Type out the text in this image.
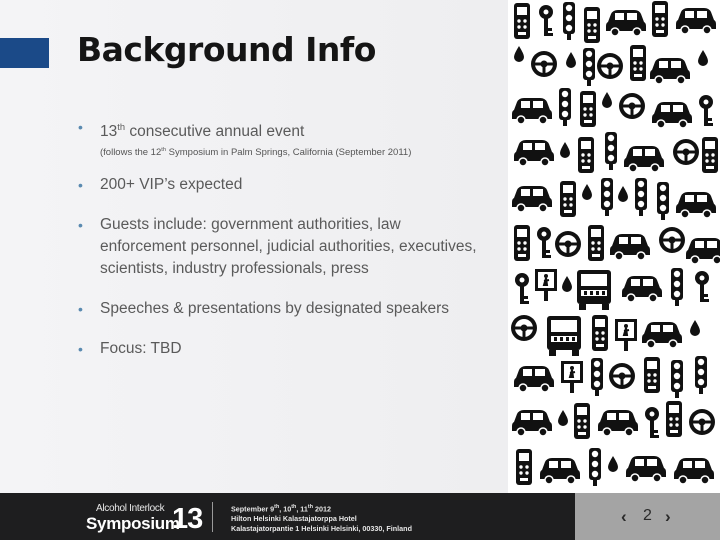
Background Info
• 13th consecutive annual event
(follows the 12th Symposium in Palm Springs, California (September 2011)
• 200+ VIP’s expected
• Guests include: government authorities, law enforcement personnel, judicial authorities, executives, scientists, industry professionals, press
• Speeches & presentations by designated speakers
• Focus: TBD
Alcohol Interlock
Symposium
13	September 9th, 10th, 11th 2012
Hilton Helsinki Kalastajatorppa Hotel
Kalastajatorpantie 1 Helsinki Helsinki, 00330, Finland
‹ 2 ›
